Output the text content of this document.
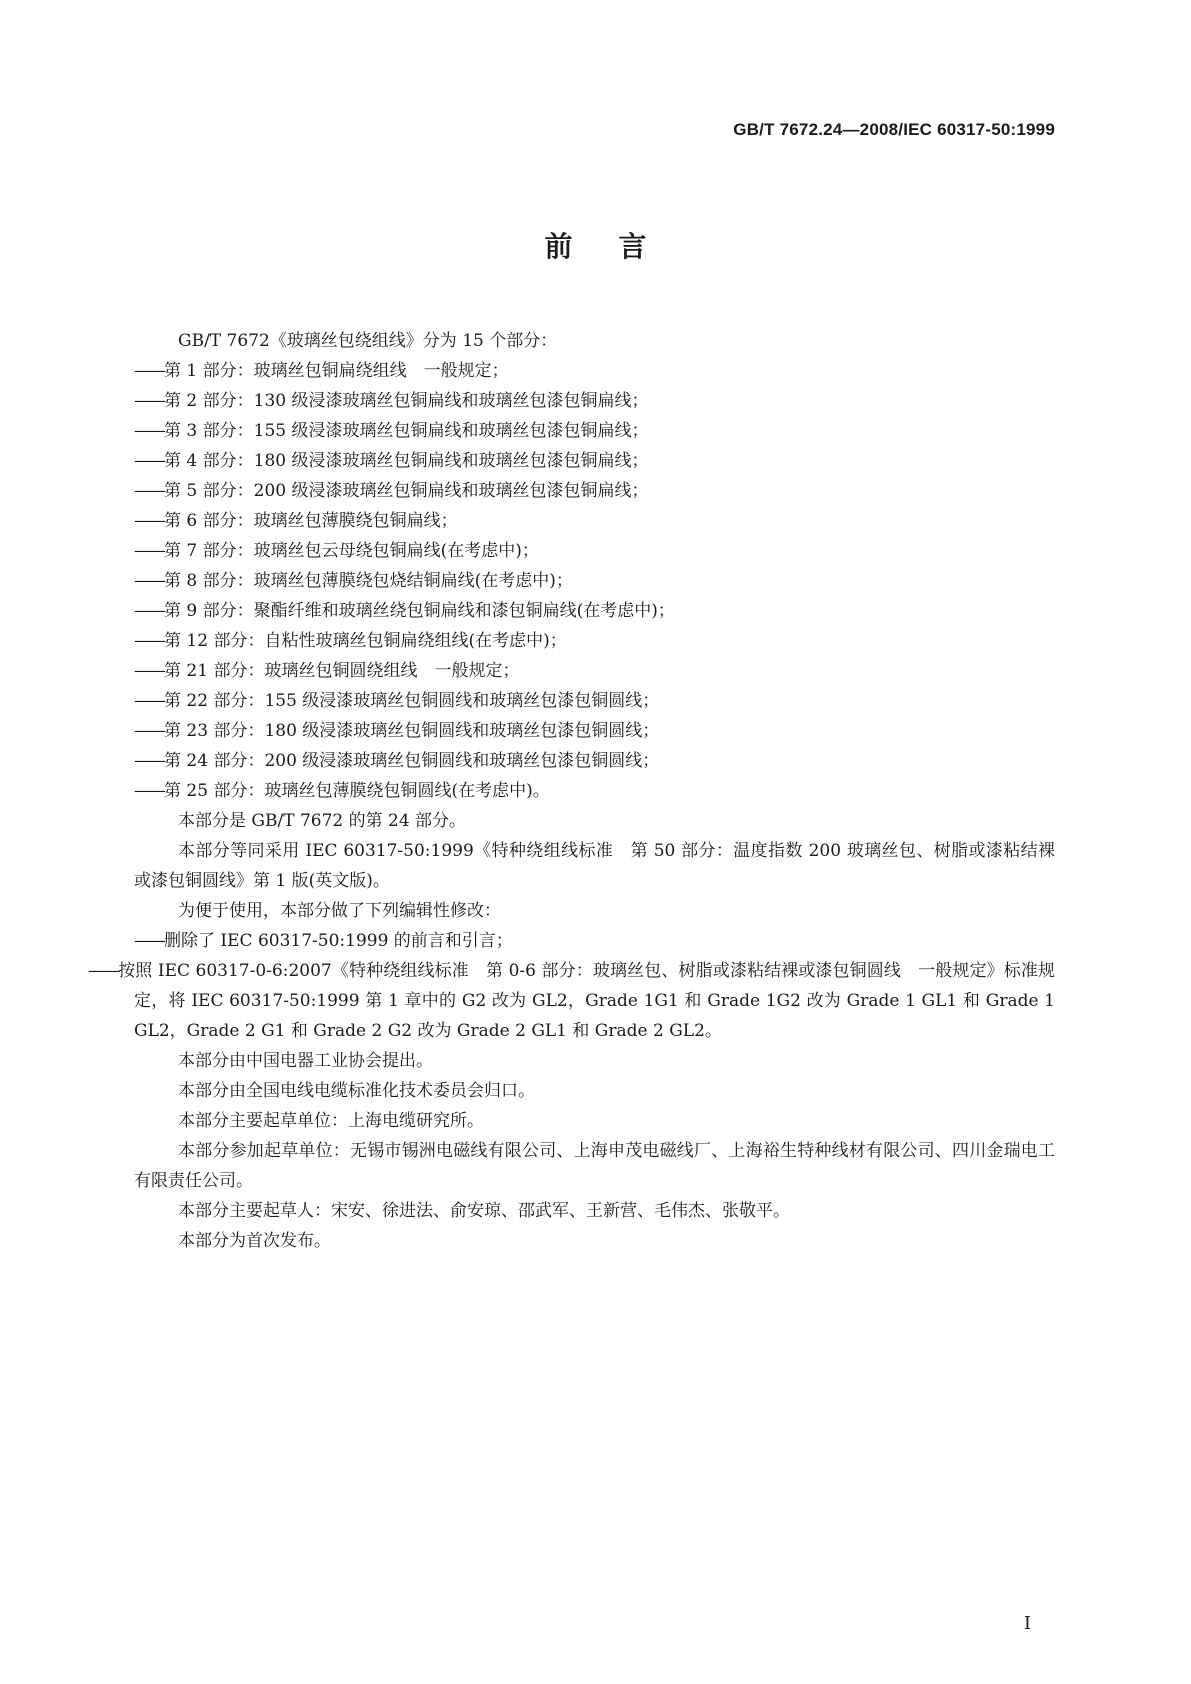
GB/T 7672.24—2008/IEC 60317-50:1999
前言

GB/T 7672《玻璃丝包绕组线》分为 15 个部分：

——第 1 部分：玻璃丝包铜扁绕组线　一般规定；

——第 2 部分：130 级浸漆玻璃丝包铜扁线和玻璃丝包漆包铜扁线；

——第 3 部分：155 级浸漆玻璃丝包铜扁线和玻璃丝包漆包铜扁线；

——第 4 部分：180 级浸漆玻璃丝包铜扁线和玻璃丝包漆包铜扁线；

——第 5 部分：200 级浸漆玻璃丝包铜扁线和玻璃丝包漆包铜扁线；

——第 6 部分：玻璃丝包薄膜绕包铜扁线；

——第 7 部分：玻璃丝包云母绕包铜扁线(在考虑中)；

——第 8 部分：玻璃丝包薄膜绕包烧结铜扁线(在考虑中)；

——第 9 部分：聚酯纤维和玻璃丝绕包铜扁线和漆包铜扁线(在考虑中)；

——第 12 部分：自粘性玻璃丝包铜扁绕组线(在考虑中)；

——第 21 部分：玻璃丝包铜圆绕组线　一般规定；

——第 22 部分：155 级浸漆玻璃丝包铜圆线和玻璃丝包漆包铜圆线；

——第 23 部分：180 级浸漆玻璃丝包铜圆线和玻璃丝包漆包铜圆线；

——第 24 部分：200 级浸漆玻璃丝包铜圆线和玻璃丝包漆包铜圆线；

——第 25 部分：玻璃丝包薄膜绕包铜圆线(在考虑中)。

本部分是 GB/T 7672 的第 24 部分。

本部分等同采用 IEC 60317-50:1999《特种绕组线标准　第 50 部分：温度指数 200 玻璃丝包、树脂或漆粘结裸或漆包铜圆线》第 1 版(英文版)。

为便于使用，本部分做了下列编辑性修改：

——删除了 IEC 60317-50:1999 的前言和引言；

——按照 IEC 60317-0-6:2007《特种绕组线标准　第 0-6 部分：玻璃丝包、树脂或漆粘结裸或漆包铜圆线　一般规定》标准规定，将 IEC 60317-50:1999 第 1 章中的 G2 改为 GL2，Grade 1G1 和 Grade 1G2 改为 Grade 1 GL1 和 Grade 1 GL2，Grade 2 G1 和 Grade 2 G2 改为 Grade 2 GL1 和 Grade 2 GL2。

本部分由中国电器工业协会提出。

本部分由全国电线电缆标准化技术委员会归口。

本部分主要起草单位：上海电缆研究所。

本部分参加起草单位：无锡市锡洲电磁线有限公司、上海申茂电磁线厂、上海裕生特种线材有限公司、四川金瑞电工有限责任公司。

本部分主要起草人：宋安、徐进法、俞安琼、邵武军、王新营、毛伟杰、张敬平。

本部分为首次发布。

I
